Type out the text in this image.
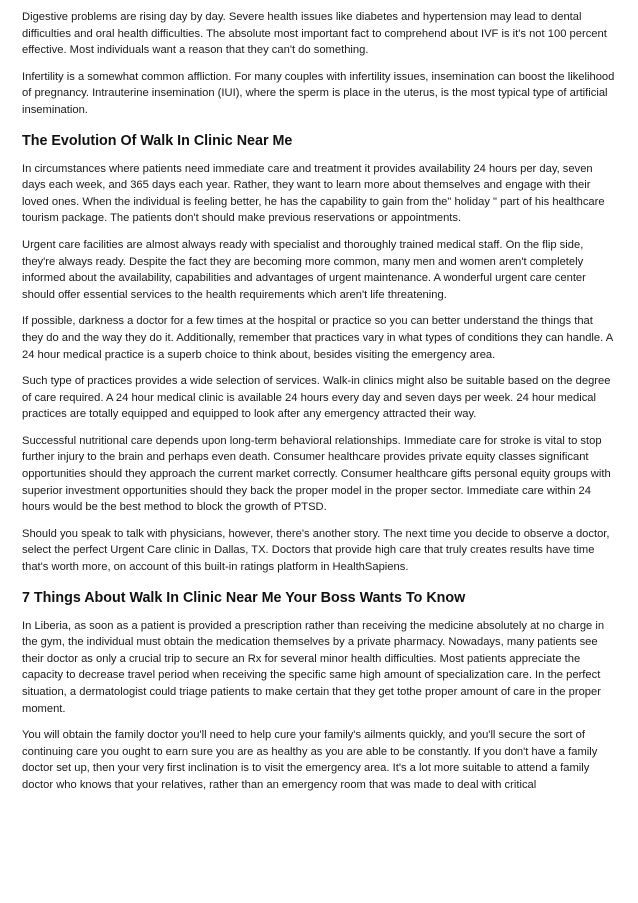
Digestive problems are rising day by day. Severe health issues like diabetes and hypertension may lead to dental difficulties and oral health difficulties. The absolute most important fact to comprehend about IVF is it's not 100 percent effective. Most individuals want a reason that they can't do something.

Infertility is a somewhat common affliction. For many couples with infertility issues, insemination can boost the likelihood of pregnancy. Intrauterine insemination (IUI), where the sperm is place in the uterus, is the most typical type of artificial insemination.

The Evolution Of Walk In Clinic Near Me

In circumstances where patients need immediate care and treatment it provides availability 24 hours per day, seven days each week, and 365 days each year. Rather, they want to learn more about themselves and engage with their loved ones. When the individual is feeling better, he has the capability to gain from the" holiday " part of his healthcare tourism package. The patients don't should make previous reservations or appointments.

Urgent care facilities are almost always ready with specialist and thoroughly trained medical staff. On the flip side, they're always ready. Despite the fact they are becoming more common, many men and women aren't completely informed about the availability, capabilities and advantages of urgent maintenance. A wonderful urgent care center should offer essential services to the health requirements which aren't life threatening.

If possible, darkness a doctor for a few times at the hospital or practice so you can better understand the things that they do and the way they do it. Additionally, remember that practices vary in what types of conditions they can handle. A 24 hour medical practice is a superb choice to think about, besides visiting the emergency area.

Such type of practices provides a wide selection of services. Walk-in clinics might also be suitable based on the degree of care required. A 24 hour medical clinic is available 24 hours every day and seven days per week. 24 hour medical practices are totally equipped and equipped to look after any emergency attracted their way.

Successful nutritional care depends upon long-term behavioral relationships. Immediate care for stroke is vital to stop further injury to the brain and perhaps even death. Consumer healthcare provides private equity classes significant opportunities should they approach the current market correctly. Consumer healthcare gifts personal equity groups with superior investment opportunities should they back the proper model in the proper sector. Immediate care within 24 hours would be the best method to block the growth of PTSD.

Should you speak to talk with physicians, however, there's another story. The next time you decide to observe a doctor, select the perfect Urgent Care clinic in Dallas, TX. Doctors that provide high care that truly creates results have time that's worth more, on account of this built-in ratings platform in HealthSapiens.

7 Things About Walk In Clinic Near Me Your Boss Wants To Know

In Liberia, as soon as a patient is provided a prescription rather than receiving the medicine absolutely at no charge in the gym, the individual must obtain the medication themselves by a private pharmacy. Nowadays, many patients see their doctor as only a crucial trip to secure an Rx for several minor health difficulties. Most patients appreciate the capacity to decrease travel period when receiving the specific same high amount of specialization care. In the perfect situation, a dermatologist could triage patients to make certain that they get tothe proper amount of care in the proper moment.

You will obtain the family doctor you'll need to help cure your family's ailments quickly, and you'll secure the sort of continuing care you ought to earn sure you are as healthy as you are able to be constantly. If you don't have a family doctor set up, then your very first inclination is to visit the emergency area. It's a lot more suitable to attend a family doctor who knows that your relatives, rather than an emergency room that was made to deal with critical
